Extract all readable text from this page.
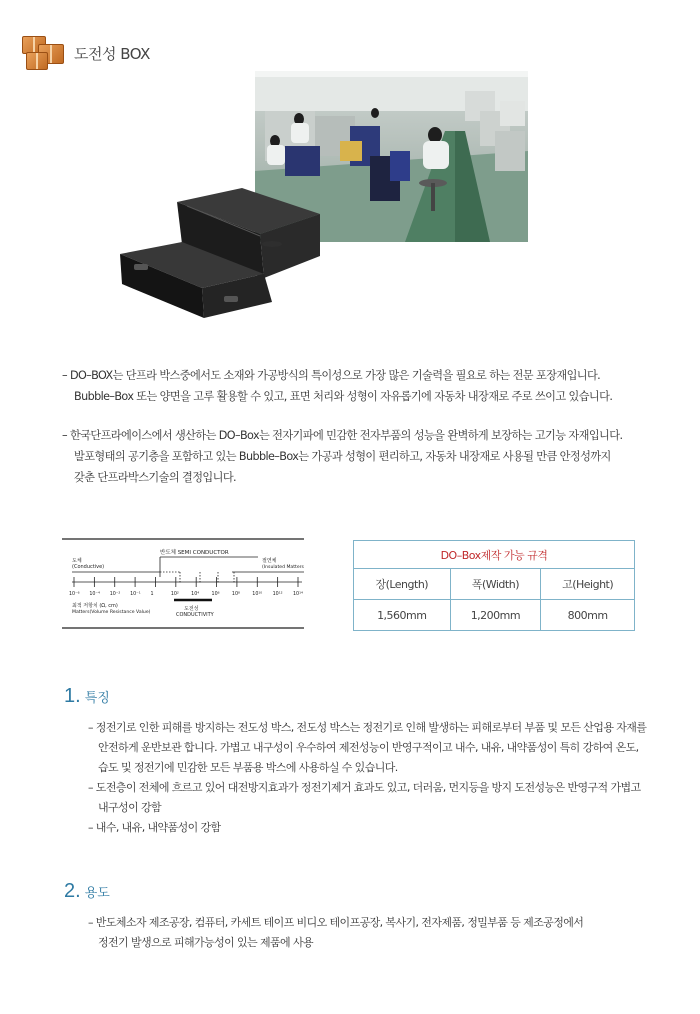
도전성 BOX

– DO–BOX는 단프라 박스중에서도 소재와 가공방식의 특이성으로 가장 많은 기술력을 필요로 하는 전문 포장재입니다.

Bubble–Box 또는 양면을 고루 활용할 수 있고, 표면 처리와 성형이 자유롭기에 자동차 내장재로 주로 쓰이고 있습니다.

– 한국단프라에이스에서 생산하는 DO–Box는 전자기파에 민감한 전자부품의 성능을 완벽하게 보장하는 고기능 자재입니다.

발포형태의 공기층을 포함하고 있는 Bubble–Box는 가공과 성형이 편리하고, 자동차 내장재로 사용될 만큼 안정성까지

갖춘 단프라박스기술의 결정입니다.

반도체 SEMI CONDUCTOR
도체
(Conductive)
절연체
(Insulated Matters)
10⁻⁶ 10⁻⁴ 10⁻² 10⁻¹ 1	10²	10⁴	10⁶	10⁸	10¹⁰ 10¹² 10¹⁴
최적 저항치 (Ω, cm)
Matters(Volume Resistance Value)
도전성
CONDUCTIVITY
DO–Box제작 가능 규격		
장(Length)	폭(Width)	고(Height)
1,560mm	1,200mm	800mm
1. 특징

– 정전기로 인한 피해를 방지하는 전도성 박스, 전도성 박스는 정전기로 인해 발생하는 피해로부터 부품 및 모든 산업용 자재를

안전하게 운반보관 합니다. 가볍고 내구성이 우수하여 제전성능이 반영구적이고 내수, 내유, 내약품성이 특히 강하여 온도,

습도 및 정전기에 민감한 모든 부품용 박스에 사용하실 수 있습니다.

– 도전층이 전체에 흐르고 있어 대전방지효과가 정전기제거 효과도 있고, 더러움, 먼지등을 방지 도전성능은 반영구적 가볍고

내구성이 강함

– 내수, 내유, 내약품성이 강함

2. 용도

– 반도체소자 제조공장, 컴퓨터, 카세트 테이프 비디오 테이프공장, 복사기, 전자제품, 정밀부품 등 제조공정에서

정전기 발생으로 피해가능성이 있는 제품에 사용
